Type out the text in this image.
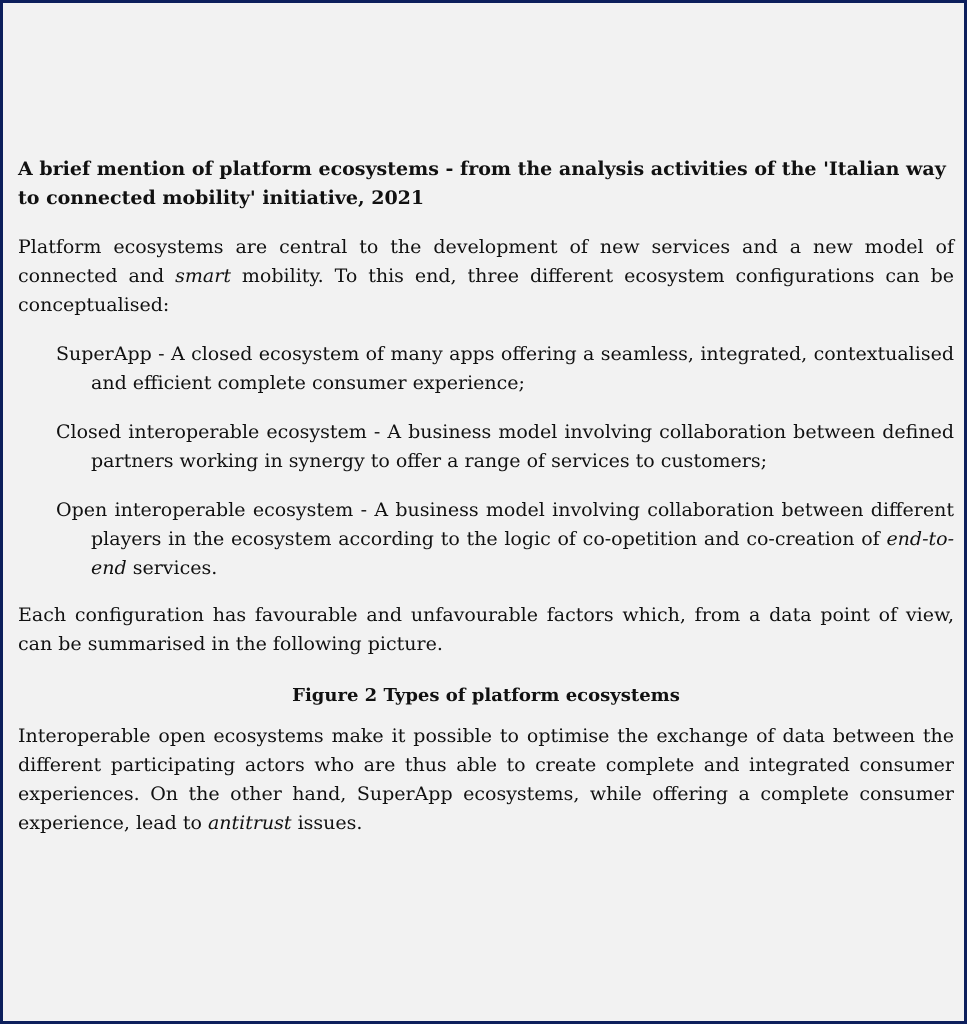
A brief mention of platform ecosystems - from the analysis activities of the 'Italian way to connected mobility' initiative, 2021

Platform ecosystems are central to the development of new services and a new model of connected and smart mobility. To this end, three different ecosystem configurations can be conceptualised:

SuperApp - A closed ecosystem of many apps offering a seamless, integrated, contextualised and efficient complete consumer experience;
Closed interoperable ecosystem - A business model involving collaboration between defined partners working in synergy to offer a range of services to customers;
Open interoperable ecosystem - A business model involving collaboration between different players in the ecosystem according to the logic of co-opetition and co-creation of end-to-end services.

Each configuration has favourable and unfavourable factors which, from a data point of view, can be summarised in the following picture.

Figure 2 Types of platform ecosystems

Interoperable open ecosystems make it possible to optimise the exchange of data between the different participating actors who are thus able to create complete and integrated consumer experiences. On the other hand, SuperApp ecosystems, while offering a complete consumer experience, lead to antitrust issues.
